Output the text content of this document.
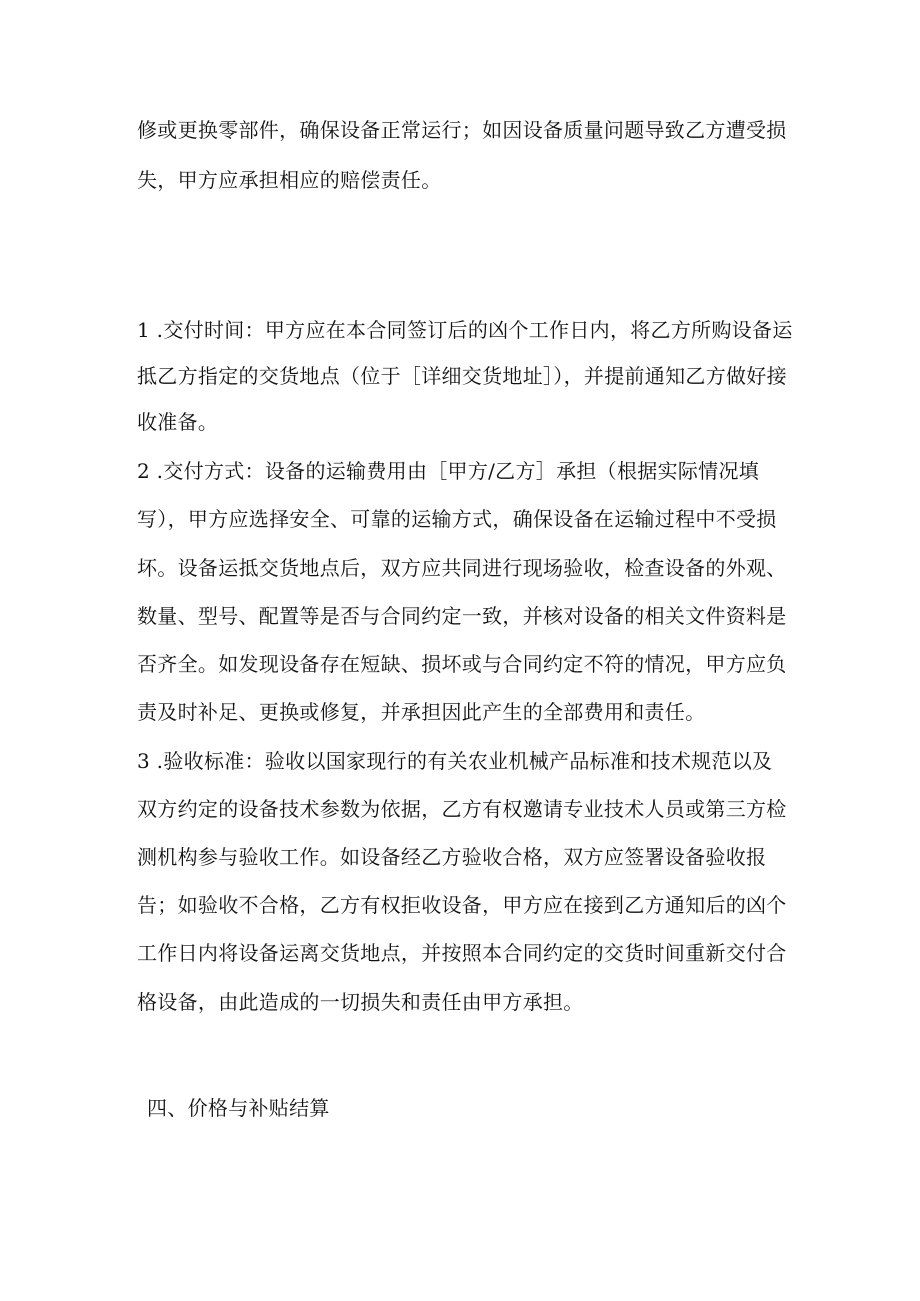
修或更换零部件，确保设备正常运行；如因设备质量问题导致乙方遭受损
失，甲方应承担相应的赔偿责任。
1 .交付时间：甲方应在本合同签订后的凶个工作日内，将乙方所购设备运
抵乙方指定的交货地点（位于［详细交货地址］），并提前通知乙方做好接
收准备。
2 .交付方式：设备的运输费用由［甲方/乙方］承担（根据实际情况填
写），甲方应选择安全、可靠的运输方式，确保设备在运输过程中不受损
坏。设备运抵交货地点后，双方应共同进行现场验收，检查设备的外观、
数量、型号、配置等是否与合同约定一致，并核对设备的相关文件资料是
否齐全。如发现设备存在短缺、损坏或与合同约定不符的情况，甲方应负
责及时补足、更换或修复，并承担因此产生的全部费用和责任。
3 .验收标准：验收以国家现行的有关农业机械产品标准和技术规范以及
双方约定的设备技术参数为依据，乙方有权邀请专业技术人员或第三方检
测机构参与验收工作。如设备经乙方验收合格，双方应签署设备验收报
告；如验收不合格，乙方有权拒收设备，甲方应在接到乙方通知后的凶个
工作日内将设备运离交货地点，并按照本合同约定的交货时间重新交付合
格设备，由此造成的一切损失和责任由甲方承担。
四、价格与补贴结算
